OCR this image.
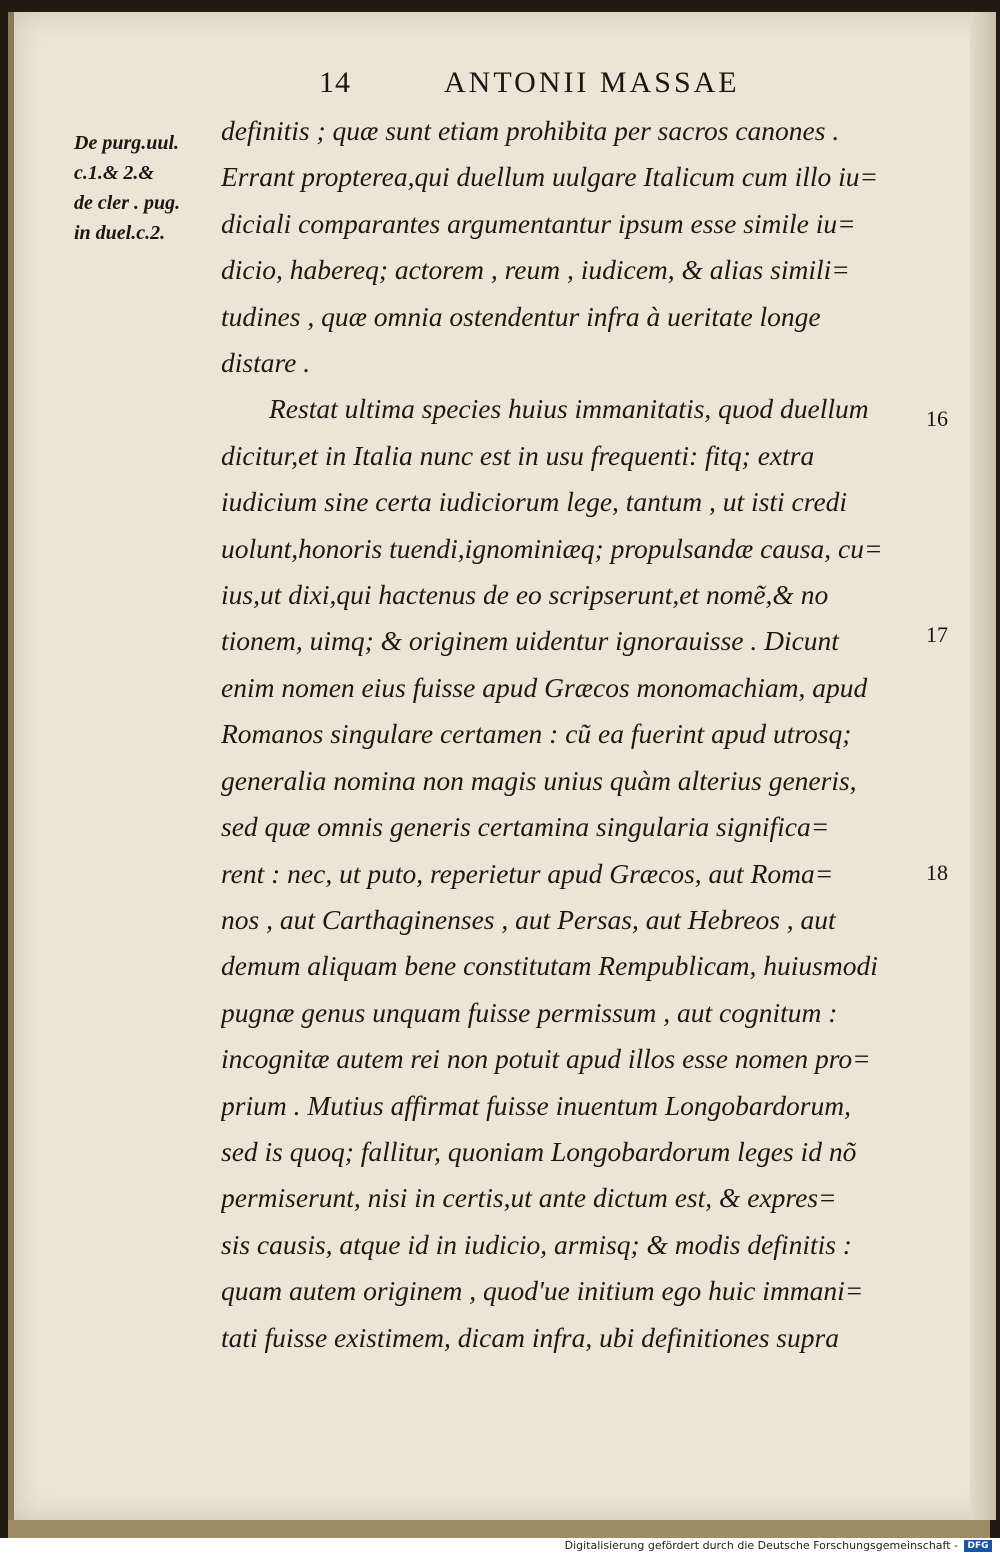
14	ANTONII MASSAE
De purg.uul.
c.1.& 2.&
de cler . pug.
in duel.c.2.
definitis ; quæ sunt etiam prohibita per sacros canones .
Errant propterea,qui duellum uulgare Italicum cum illo iu=
diciali comparantes argumentantur ipsum esse simile iu=
dicio, habereq; actorem , reum , iudicem, & alias simili=
tudines , quæ omnia ostendentur infra à ueritate longe
distare .
Restat ultima species huius immanitatis, quod duellum
dicitur,et in Italia nunc est in usu frequenti: fitq; extra
iudicium sine certa iudiciorum lege, tantum , ut isti credi
uolunt,honoris tuendi,ignominiæq; propulsandæ causa, cu=
ius,ut dixi,qui hactenus de eo scripserunt,et nomẽ,& no
tionem, uimq; & originem uidentur ignorauisse . Dicunt
enim nomen eius fuisse apud Græcos monomachiam, apud
Romanos singulare certamen : cũ ea fuerint apud utrosq;
generalia nomina non magis unius quàm alterius generis,
sed quæ omnis generis certamina singularia significa=
rent : nec, ut puto, reperietur apud Græcos, aut Roma=
nos , aut Carthaginenses , aut Persas, aut Hebreos , aut
demum aliquam bene constitutam Rempublicam, huiusmodi
pugnæ genus unquam fuisse permissum , aut cognitum :
incognitæ autem rei non potuit apud illos esse nomen pro=
prium . Mutius affirmat fuisse inuentum Longobardorum,
sed is quoq; fallitur, quoniam Longobardorum leges id nõ
permiserunt, nisi in certis,ut ante dictum est, & expres=
sis causis, atque id in iudicio, armisq; & modis definitis :
quam autem originem , quod'ue initium ego huic immani=
tati fuisse existimem, dicam infra, ubi definitiones supra
16
17
18
Digitalisierung gefördert durch die Deutsche Forschungsgemeinschaft -	DFG
